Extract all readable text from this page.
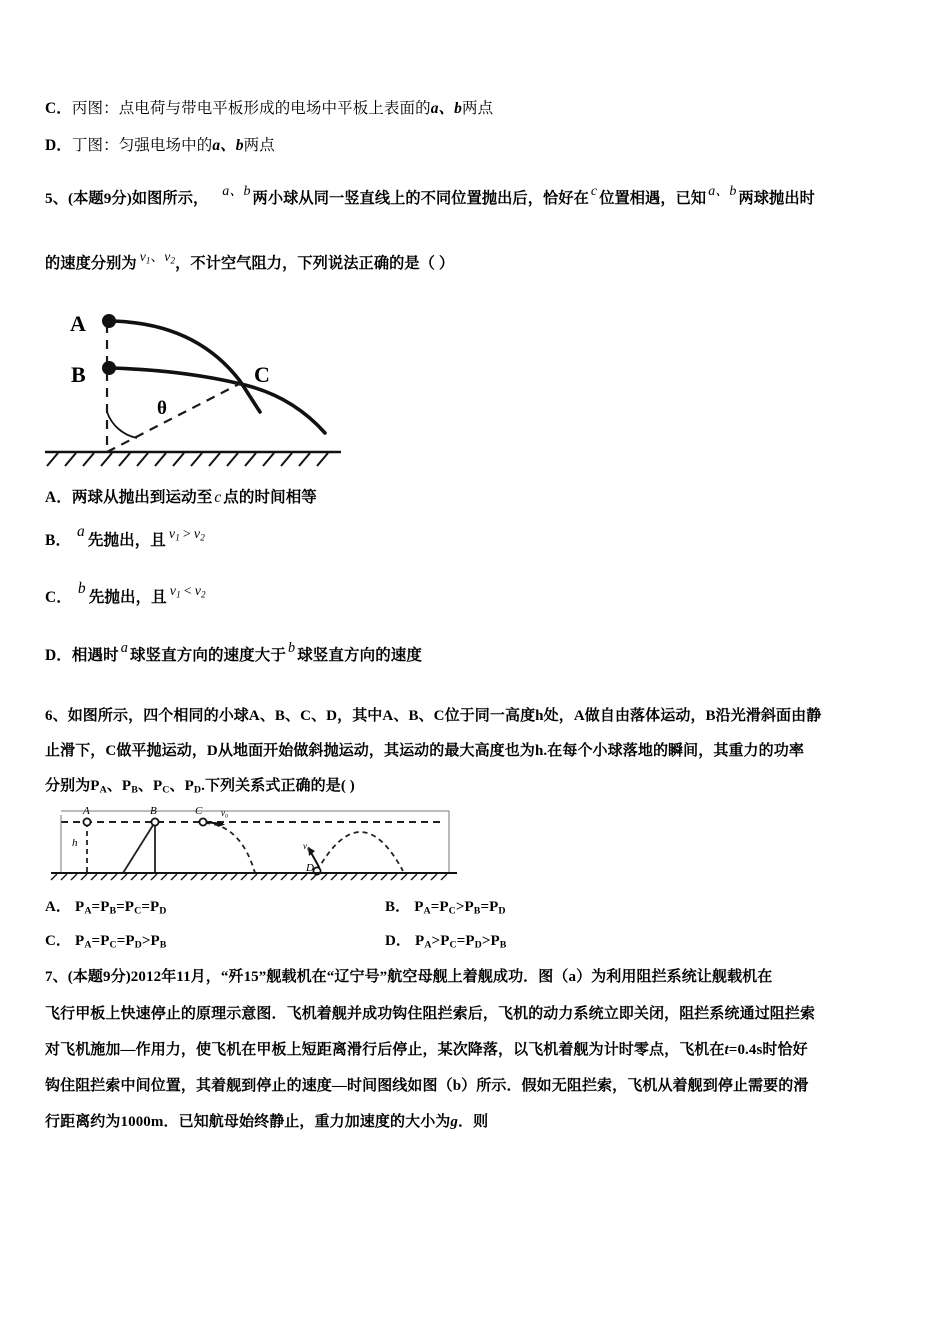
C．丙图：点电荷与带电平板形成的电场中平板上表面的a、b两点
D．丁图：匀强电场中的a、b两点
5、(本题9分)如图所示， a、b 两小球从同一竖直线上的不同位置抛出后，恰好在 c 位置相遇，已知 a、b 两球抛出时
的速度分别为 $v_1$、$v_2$，不计空气阻力，下列说法正确的是（ ）
A
B	C
θ
A．两球从抛出到运动至 c 点的时间相等
B．a先抛出，且 $v_1 > v_2$
C．b先抛出，且 $v_1 < v_2$
D．相遇时 a 球竖直方向的速度大于 b 球竖直方向的速度
6、如图所示，四个相同的小球A、B、C、D，其中A、B、C位于同一高度h处，A做自由落体运动，B沿光滑斜面由静
止滑下，C做平抛运动，D从地面开始做斜抛运动，其运动的最大高度也为h.在每个小球落地的瞬间，其重力的功率
分别为$P_A$、$P_B$、$P_C$、$P_D$.下列关系式正确的是( )
A	B	C
D
h
v₀
v₀
A． $P_A=P_B=P_C=P_D$	B． $P_A=P_C>P_B=P_D$
C． $P_A=P_C=P_D>P_B$	D． $P_A>P_C=P_D>P_B$
7、(本题9分)2012年11月，“歼15”舰载机在“辽宁号”航空母舰上着舰成功．图（a）为利用阻拦系统让舰载机在
飞行甲板上快速停止的原理示意图．飞机着舰并成功钩住阻拦索后，飞机的动力系统立即关闭，阻拦系统通过阻拦索
对飞机施加—作用力，使飞机在甲板上短距离滑行后停止，某次降落，以飞机着舰为计时零点，飞机在t=0.4s时恰好
钩住阻拦索中间位置，其着舰到停止的速度—时间图线如图（b）所示．假如无阻拦索，飞机从着舰到停止需要的滑
行距离约为1000m．已知航母始终静止，重力加速度的大小为g．则
